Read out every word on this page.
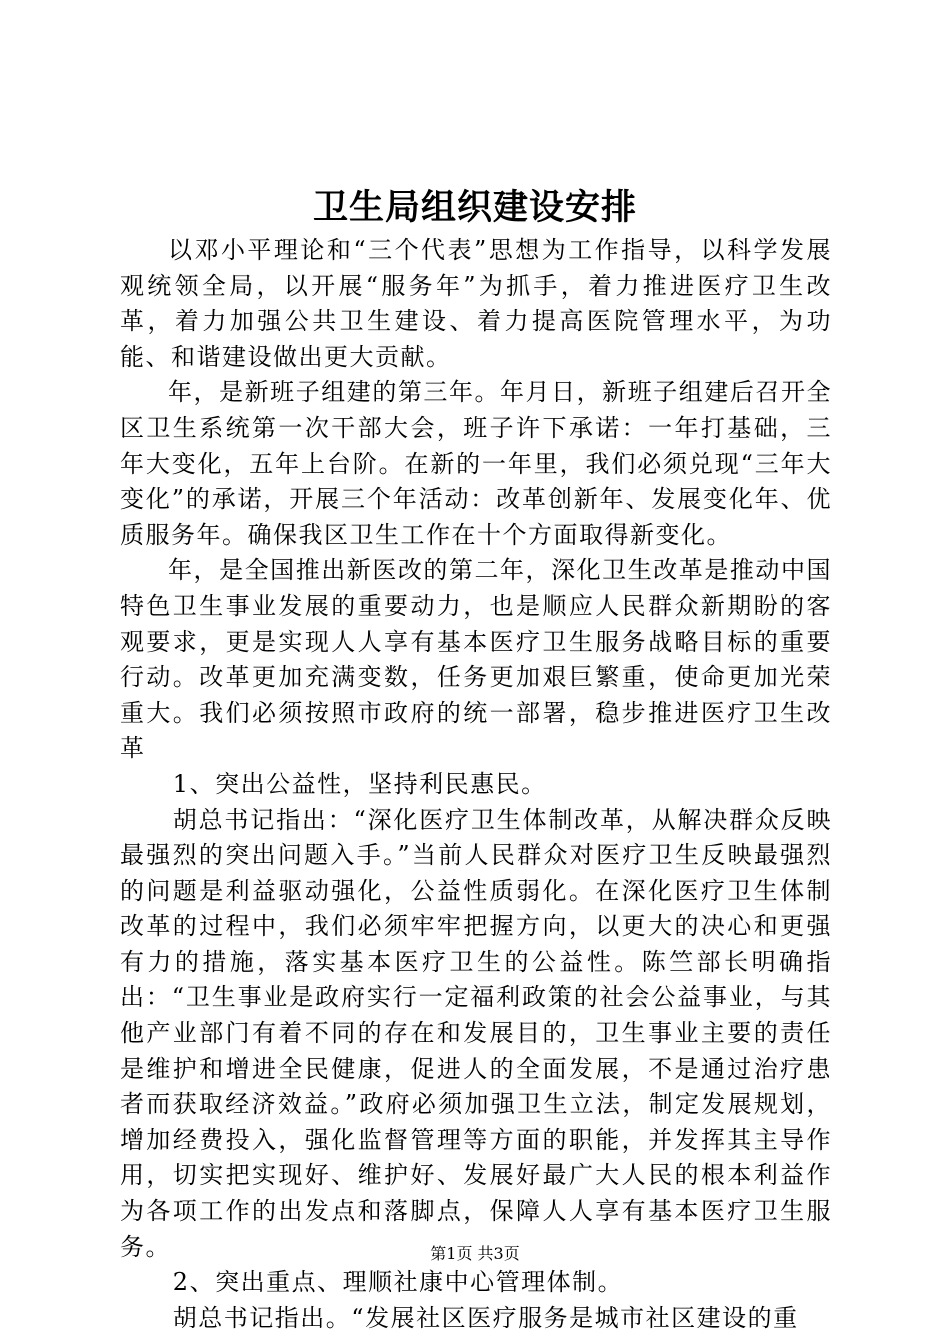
卫生局组织建设安排

以邓小平理论和“三个代表”思想为工作指导，以科学发展观统领全局，以开展“服务年”为抓手，着力推进医疗卫生改革，着力加强公共卫生建设、着力提高医院管理水平，为功能、和谐建设做出更大贡献。

年，是新班子组建的第三年。年月日，新班子组建后召开全区卫生系统第一次干部大会，班子许下承诺：一年打基础，三年大变化，五年上台阶。在新的一年里，我们必须兑现“三年大变化”的承诺，开展三个年活动：改革创新年、发展变化年、优质服务年。确保我区卫生工作在十个方面取得新变化。

年，是全国推出新医改的第二年，深化卫生改革是推动中国特色卫生事业发展的重要动力，也是顺应人民群众新期盼的客观要求，更是实现人人享有基本医疗卫生服务战略目标的重要行动。改革更加充满变数，任务更加艰巨繁重，使命更加光荣重大。我们必须按照市政府的统一部署，稳步推进医疗卫生改革

1、突出公益性，坚持利民惠民。

胡总书记指出：“深化医疗卫生体制改革，从解决群众反映最强烈的突出问题入手。”当前人民群众对医疗卫生反映最强烈的问题是利益驱动强化，公益性质弱化。在深化医疗卫生体制改革的过程中，我们必须牢牢把握方向，以更大的决心和更强有力的措施，落实基本医疗卫生的公益性。陈竺部长明确指出：“卫生事业是政府实行一定福利政策的社会公益事业，与其他产业部门有着不同的存在和发展目的，卫生事业主要的责任是维护和增进全民健康，促进人的全面发展，不是通过治疗患者而获取经济效益。”政府必须加强卫生立法，制定发展规划，增加经费投入，强化监督管理等方面的职能，并发挥其主导作用，切实把实现好、维护好、发展好最广大人民的根本利益作为各项工作的出发点和落脚点，保障人人享有基本医疗卫生服务。

2、突出重点、理顺社康中心管理体制。

胡总书记指出。“发展社区医疗服务是城市社区建设的重

第1页 共3页
